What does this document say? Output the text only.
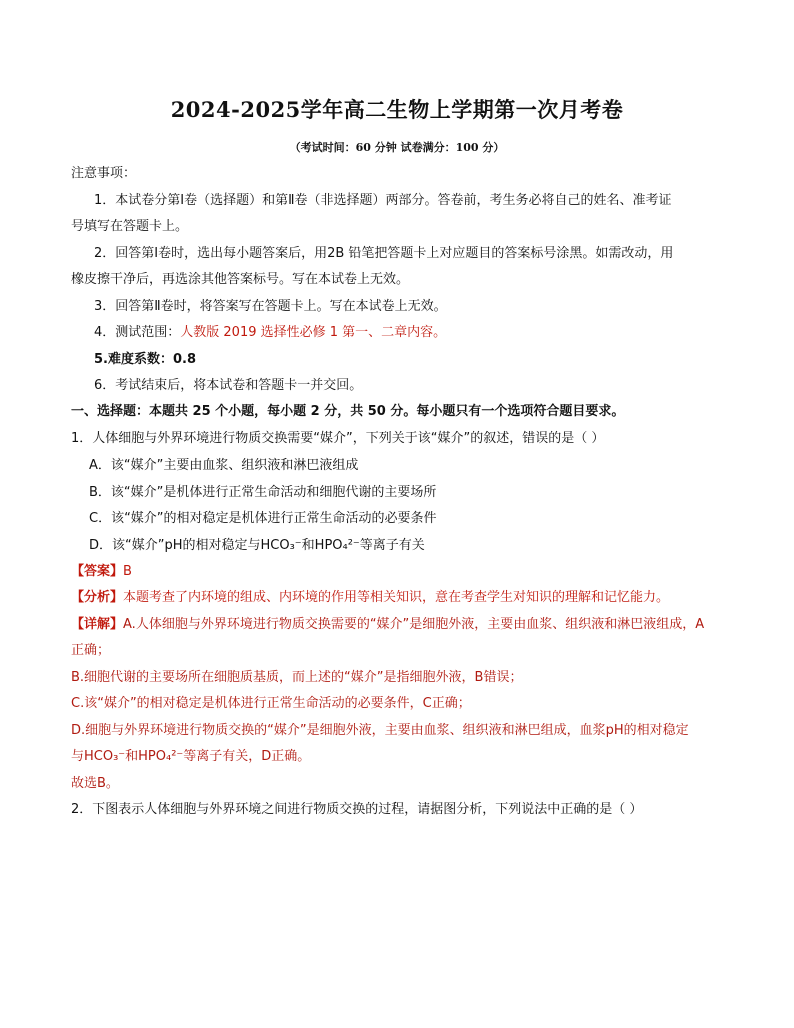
2024-2025学年高二生物上学期第一次月考卷
（考试时间：60 分钟 试卷满分：100 分）
注意事项：
1．本试卷分第Ⅰ卷（选择题）和第Ⅱ卷（非选择题）两部分。答卷前，考生务必将自己的姓名、准考证
号填写在答题卡上。
2．回答第Ⅰ卷时，选出每小题答案后，用2B 铅笔把答题卡上对应题目的答案标号涂黑。如需改动，用
橡皮擦干净后，再选涂其他答案标号。写在本试卷上无效。
3．回答第Ⅱ卷时，将答案写在答题卡上。写在本试卷上无效。
4．测试范围：人教版 2019 选择性必修 1 第一、二章内容。
5.难度系数：0.8
6．考试结束后，将本试卷和答题卡一并交回。
一、选择题：本题共 25 个小题，每小题 2 分，共 50 分。每小题只有一个选项符合题目要求。
1．人体细胞与外界环境进行物质交换需要“媒介”，下列关于该“媒介”的叙述，错误的是（ ）
A．该“媒介”主要由血浆、组织液和淋巴液组成
B．该“媒介”是机体进行正常生命活动和细胞代谢的主要场所
C．该“媒介”的相对稳定是机体进行正常生命活动的必要条件
D．该“媒介”pH的相对稳定与HCO₃⁻和HPO₄²⁻等离子有关
【答案】B
【分析】本题考查了内环境的组成、内环境的作用等相关知识，意在考查学生对知识的理解和记忆能力。
【详解】A.人体细胞与外界环境进行物质交换需要的“媒介”是细胞外液，主要由血浆、组织液和淋巴液组成，A
正确；
B.细胞代谢的主要场所在细胞质基质，而上述的“媒介”是指细胞外液，B错误；
C.该“媒介”的相对稳定是机体进行正常生命活动的必要条件，C正确；
D.细胞与外界环境进行物质交换的“媒介”是细胞外液，主要由血浆、组织液和淋巴组成，血浆pH的相对稳定
与HCO₃⁻和HPO₄²⁻等离子有关，D正确。
故选B。
2．下图表示人体细胞与外界环境之间进行物质交换的过程，请据图分析，下列说法中正确的是（ ）
